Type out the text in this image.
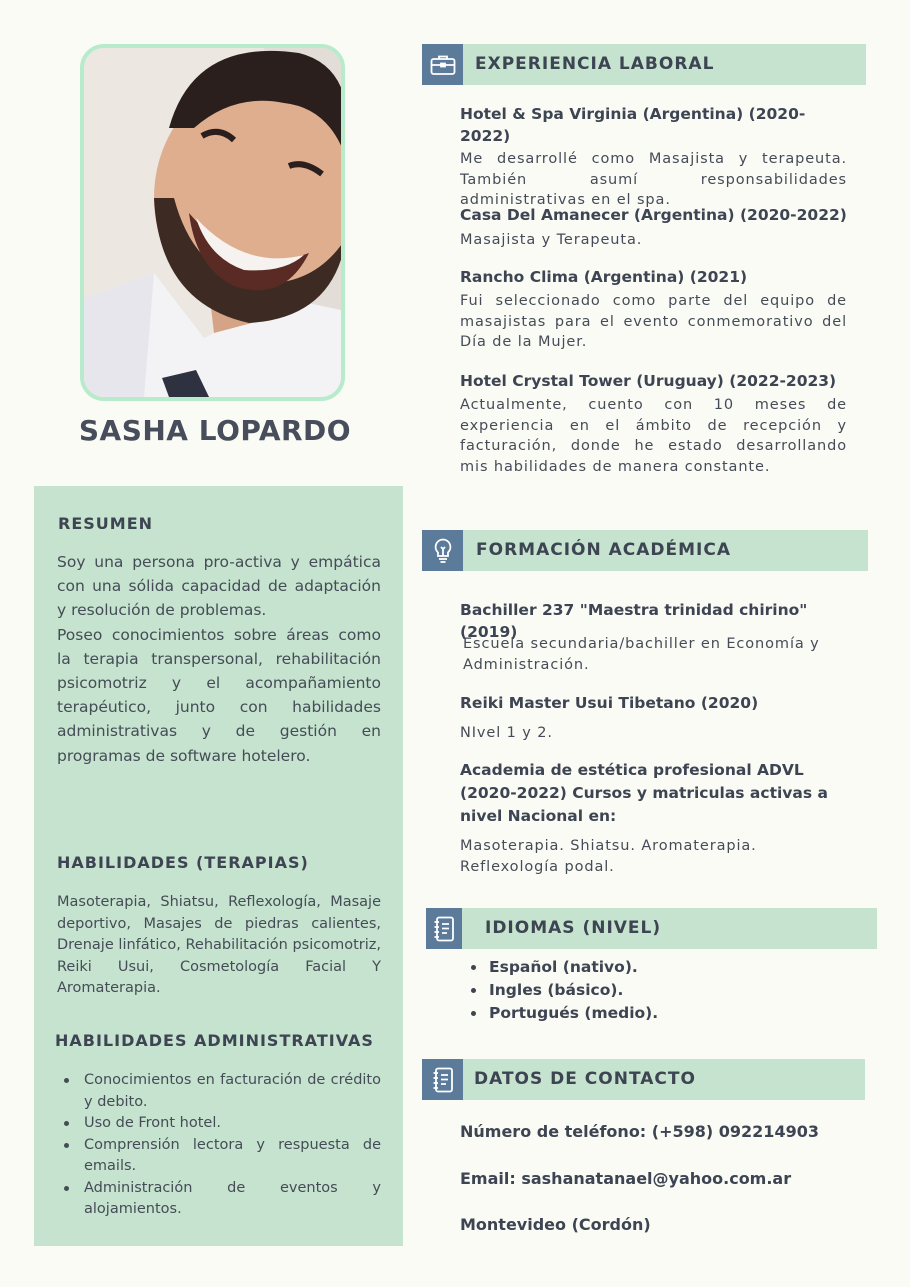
SASHA LOPARDO
RESUMEN

Soy una persona pro-activa y empática con una sólida capacidad de adaptación y resolución de problemas.

Poseo conocimientos sobre áreas como la terapia transpersonal, rehabilitación psicomotriz y el acompañamiento terapéutico, junto con habilidades administrativas y de gestión en programas de software hotelero.

HABILIDADES (TERAPIAS)
Masoterapia, Shiatsu, Reflexología, Masaje deportivo, Masajes de piedras calientes, Drenaje linfático, Rehabilitación psicomotriz, Reiki Usui, Cosmetología Facial Y Aromaterapia.
HABILIDADES ADMINISTRATIVAS
Conocimientos en facturación de crédito y debito.
Uso de Front hotel.
Comprensión lectora y respuesta de emails.
Administración de eventos y alojamientos.
EXPERIENCIA LABORAL
Hotel & Spa Virginia (Argentina) (2020-2022)
Me desarrollé como Masajista y terapeuta. También asumí responsabilidades administrativas en el spa.
Casa Del Amanecer (Argentina) (2020-2022)
Masajista y Terapeuta.
Rancho Clima (Argentina) (2021)
Fui seleccionado como parte del equipo de masajistas para el evento conmemorativo del Día de la Mujer.
Hotel Crystal Tower (Uruguay) (2022-2023)
Actualmente, cuento con 10 meses de experiencia en el ámbito de recepción y facturación, donde he estado desarrollando mis habilidades de manera constante.
FORMACIÓN ACADÉMICA
Bachiller 237 "Maestra trinidad chirino" (2019)
Escuela secundaria/bachiller en Economía y Administración.
Reiki Master Usui Tibetano (2020)
NIvel 1 y 2.
Academia de estética profesional ADVL (2020-2022) Cursos y matriculas activas a nivel Nacional en:
Masoterapia. Shiatsu. Aromaterapia. Reflexología podal.
IDIOMAS (NIVEL)
Español (nativo).
Ingles (básico).
Portugués (medio).
DATOS DE CONTACTO
Número de teléfono: (+598) 092214903
Email: sashanatanael@yahoo.com.ar
Montevideo (Cordón)
